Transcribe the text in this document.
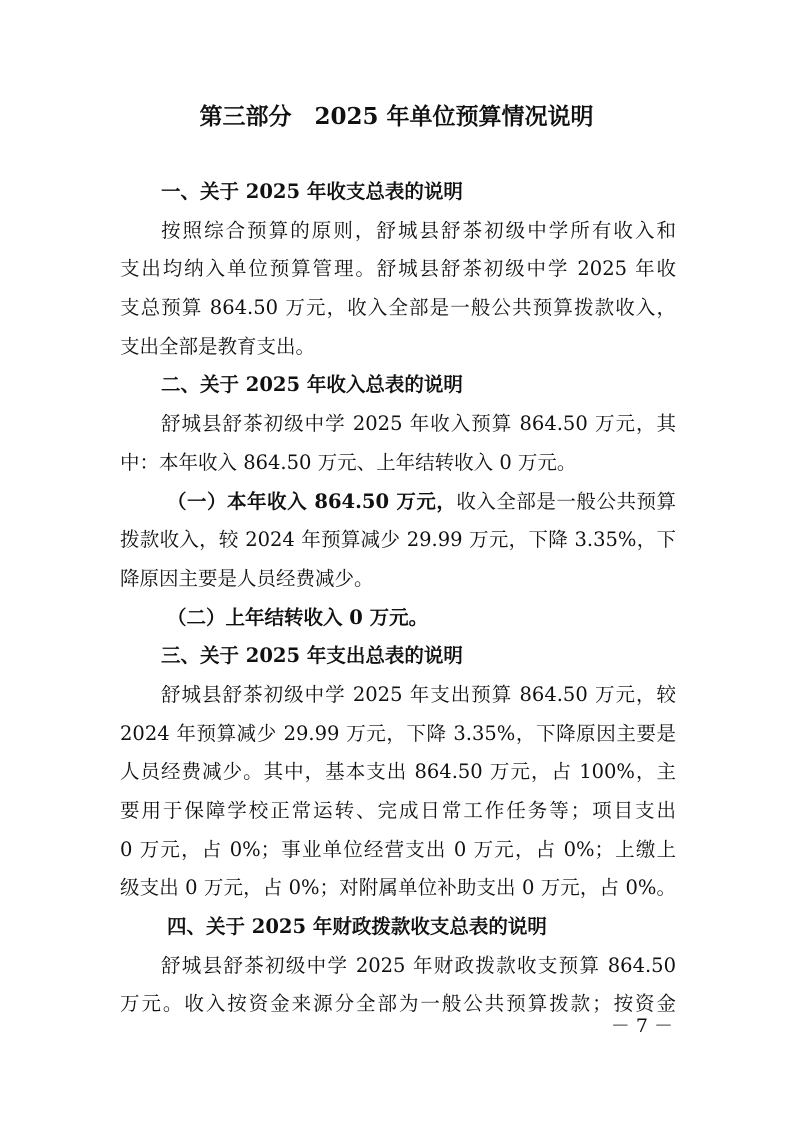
第三部分　2025 年单位预算情况说明
一、关于 2025 年收支总表的说明
按照综合预算的原则，舒城县舒茶初级中学所有收入和
支出均纳入单位预算管理。舒城县舒茶初级中学 2025 年收
支总预算 864.50 万元，收入全部是一般公共预算拨款收入，
支出全部是教育支出。
二、关于 2025 年收入总表的说明
舒城县舒茶初级中学 2025 年收入预算 864.50 万元，其
中：本年收入 864.50 万元、上年结转收入 0 万元。
（一）本年收入 864.50 万元，收入全部是一般公共预算
拨款收入，较 2024 年预算减少 29.99 万元，下降 3.35%，下
降原因主要是人员经费减少。
（二）上年结转收入 0 万元。
三、关于 2025 年支出总表的说明
舒城县舒茶初级中学 2025 年支出预算 864.50 万元，较
2024 年预算减少 29.99 万元，下降 3.35%，下降原因主要是
人员经费减少。其中，基本支出 864.50 万元，占 100%，主
要用于保障学校正常运转、完成日常工作任务等；项目支出
0 万元，占 0%；事业单位经营支出 0 万元，占 0%；上缴上
级支出 0 万元，占 0%；对附属单位补助支出 0 万元，占 0%。
四、关于 2025 年财政拨款收支总表的说明
舒城县舒茶初级中学 2025 年财政拨款收支预算 864.50
万元。收入按资金来源分全部为一般公共预算拨款；按资金
－ 7 －
